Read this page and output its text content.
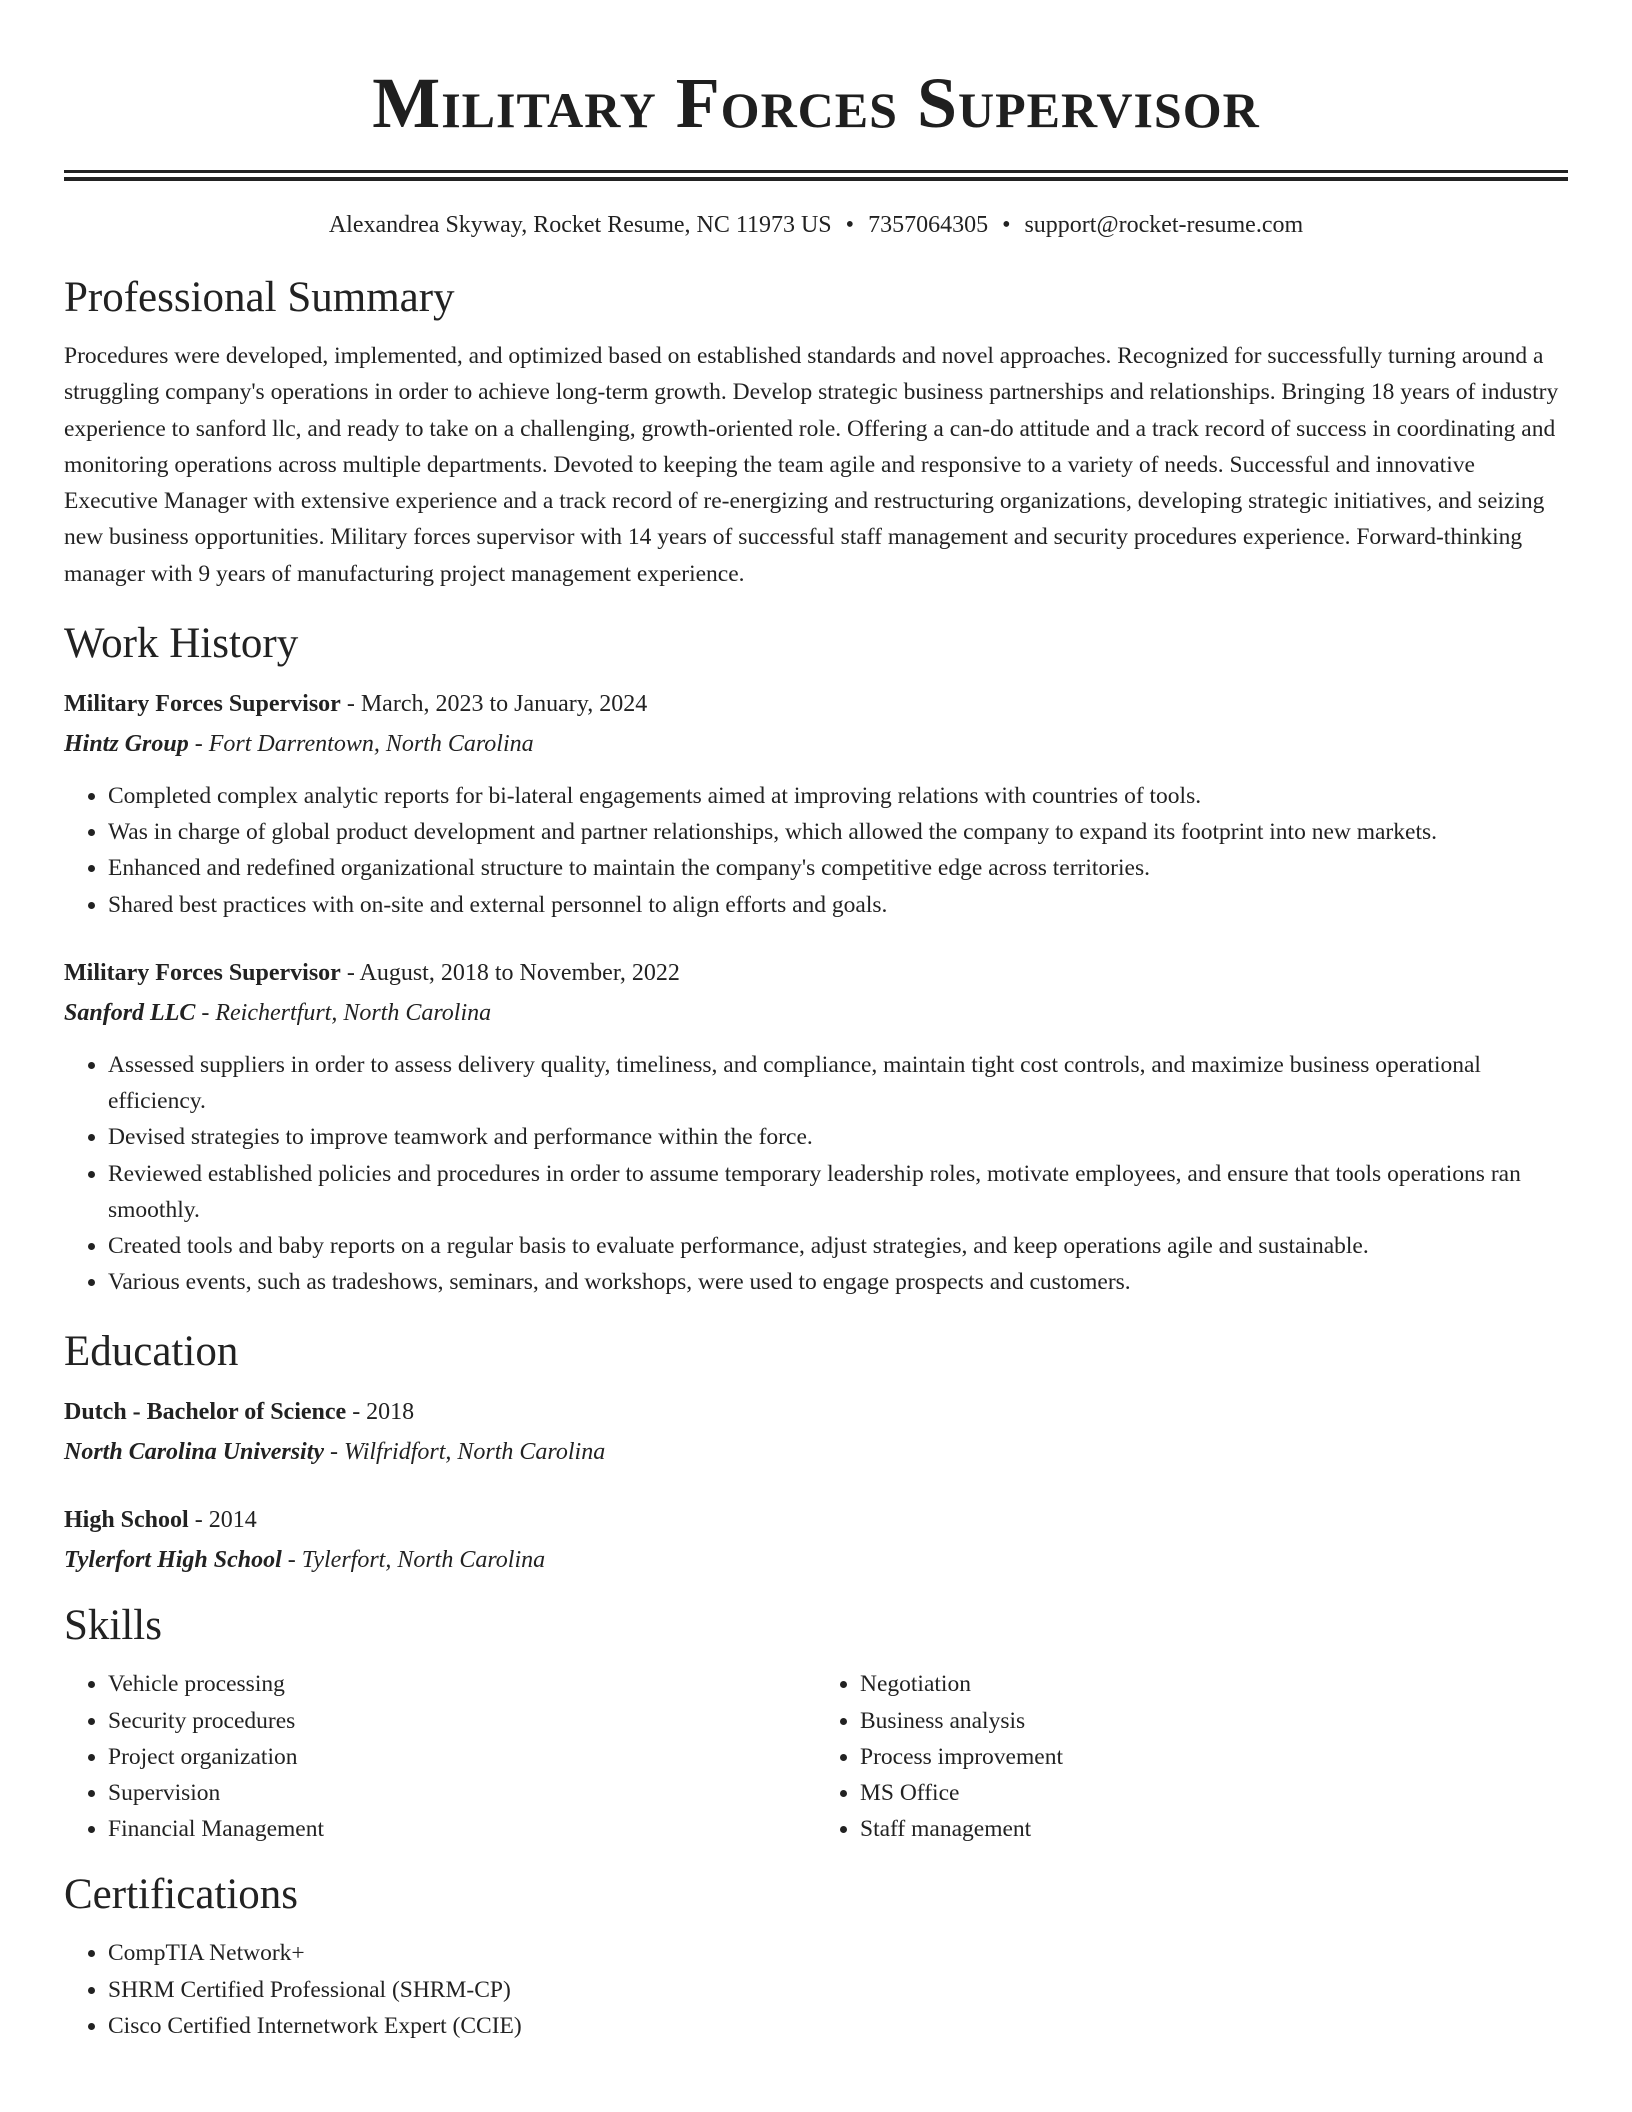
Military Forces Supervisor
Alexandrea Skyway, Rocket Resume, NC 11973 US • 7357064305 • support@rocket-resume.com
Professional Summary

Procedures were developed, implemented, and optimized based on established standards and novel approaches. Recognized for successfully turning around a struggling company's operations in order to achieve long-term growth. Develop strategic business partnerships and relationships. Bringing 18 years of industry experience to sanford llc, and ready to take on a challenging, growth-oriented role. Offering a can-do attitude and a track record of success in coordinating and monitoring operations across multiple departments. Devoted to keeping the team agile and responsive to a variety of needs. Successful and innovative Executive Manager with extensive experience and a track record of re-energizing and restructuring organizations, developing strategic initiatives, and seizing new business opportunities. Military forces supervisor with 14 years of successful staff management and security procedures experience. Forward-thinking manager with 9 years of manufacturing project management experience.

Work History

Military Forces Supervisor - March, 2023 to January, 2024

Hintz Group - Fort Darrentown, North Carolina

• Completed complex analytic reports for bi-lateral engagements aimed at improving relations with countries of tools.
• Was in charge of global product development and partner relationships, which allowed the company to expand its footprint into new markets.
• Enhanced and redefined organizational structure to maintain the company's competitive edge across territories.
• Shared best practices with on-site and external personnel to align efforts and goals.

Military Forces Supervisor - August, 2018 to November, 2022

Sanford LLC - Reichertfurt, North Carolina

• Assessed suppliers in order to assess delivery quality, timeliness, and compliance, maintain tight cost controls, and maximize business operational efficiency.
• Devised strategies to improve teamwork and performance within the force.
• Reviewed established policies and procedures in order to assume temporary leadership roles, motivate employees, and ensure that tools operations ran smoothly.
• Created tools and baby reports on a regular basis to evaluate performance, adjust strategies, and keep operations agile and sustainable.
• Various events, such as tradeshows, seminars, and workshops, were used to engage prospects and customers.
Education

Dutch - Bachelor of Science - 2018

North Carolina University - Wilfridfort, North Carolina

High School - 2014

Tylerfort High School - Tylerfort, North Carolina

Skills
• Vehicle processing
• Security procedures
• Project organization
• Supervision
• Financial Management
• Negotiation
• Business analysis
• Process improvement
• MS Office
• Staff management
Certifications
• CompTIA Network+
• SHRM Certified Professional (SHRM-CP)
• Cisco Certified Internetwork Expert (CCIE)
